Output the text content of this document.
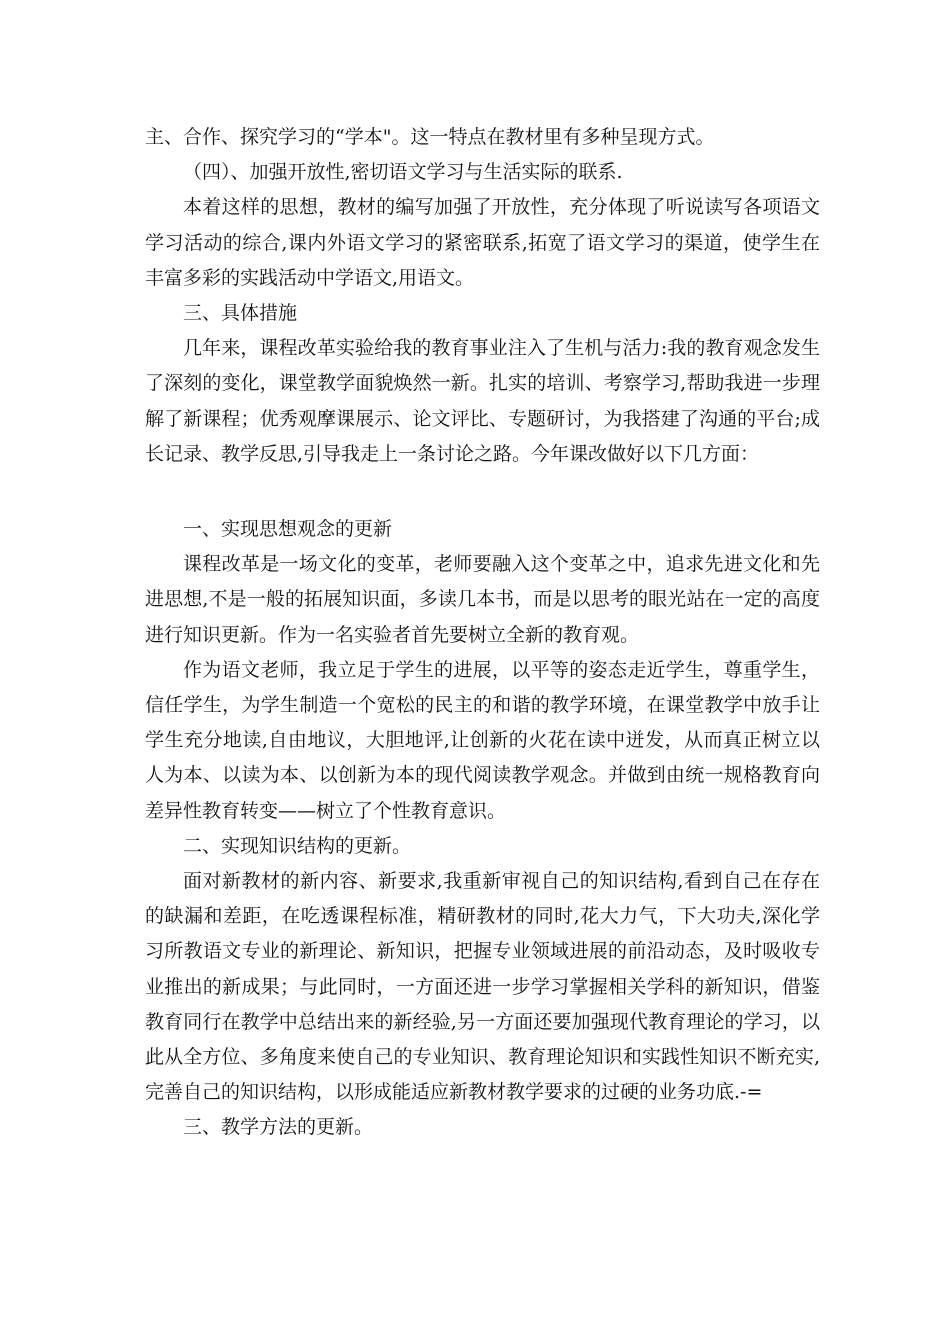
主、合作、探究学习的“学本"。这一特点在教材里有多种呈现方式。

（四）、加强开放性,密切语文学习与生活实际的联系.

本着这样的思想，教材的编写加强了开放性，充分体现了听说读写各项语文学习活动的综合,课内外语文学习的紧密联系,拓宽了语文学习的渠道，使学生在丰富多彩的实践活动中学语文,用语文。

三、具体措施

几年来，课程改革实验给我的教育事业注入了生机与活力:我的教育观念发生了深刻的变化，课堂教学面貌焕然一新。扎实的培训、考察学习,帮助我进一步理解了新课程；优秀观摩课展示、论文评比、专题研讨，为我搭建了沟通的平台;成长记录、教学反思,引导我走上一条讨论之路。今年课改做好以下几方面：

一、实现思想观念的更新

课程改革是一场文化的变革，老师要融入这个变革之中，追求先进文化和先进思想,不是一般的拓展知识面，多读几本书，而是以思考的眼光站在一定的高度进行知识更新。作为一名实验者首先要树立全新的教育观。

作为语文老师，我立足于学生的进展，以平等的姿态走近学生，尊重学生，信任学生，为学生制造一个宽松的民主的和谐的教学环境，在课堂教学中放手让学生充分地读,自由地议，大胆地评,让创新的火花在读中迸发，从而真正树立以人为本、以读为本、以创新为本的现代阅读教学观念。并做到由统一规格教育向差异性教育转变——树立了个性教育意识。

二、实现知识结构的更新。

面对新教材的新内容、新要求,我重新审视自己的知识结构,看到自己在存在的缺漏和差距，在吃透课程标准，精研教材的同时,花大力气，下大功夫,深化学习所教语文专业的新理论、新知识，把握专业领域进展的前沿动态，及时吸收专业推出的新成果；与此同时，一方面还进一步学习掌握相关学科的新知识，借鉴教育同行在教学中总结出来的新经验,另一方面还要加强现代教育理论的学习，以此从全方位、多角度来使自己的专业知识、教育理论知识和实践性知识不断充实,完善自己的知识结构，以形成能适应新教材教学要求的过硬的业务功底.-=

三、教学方法的更新。
